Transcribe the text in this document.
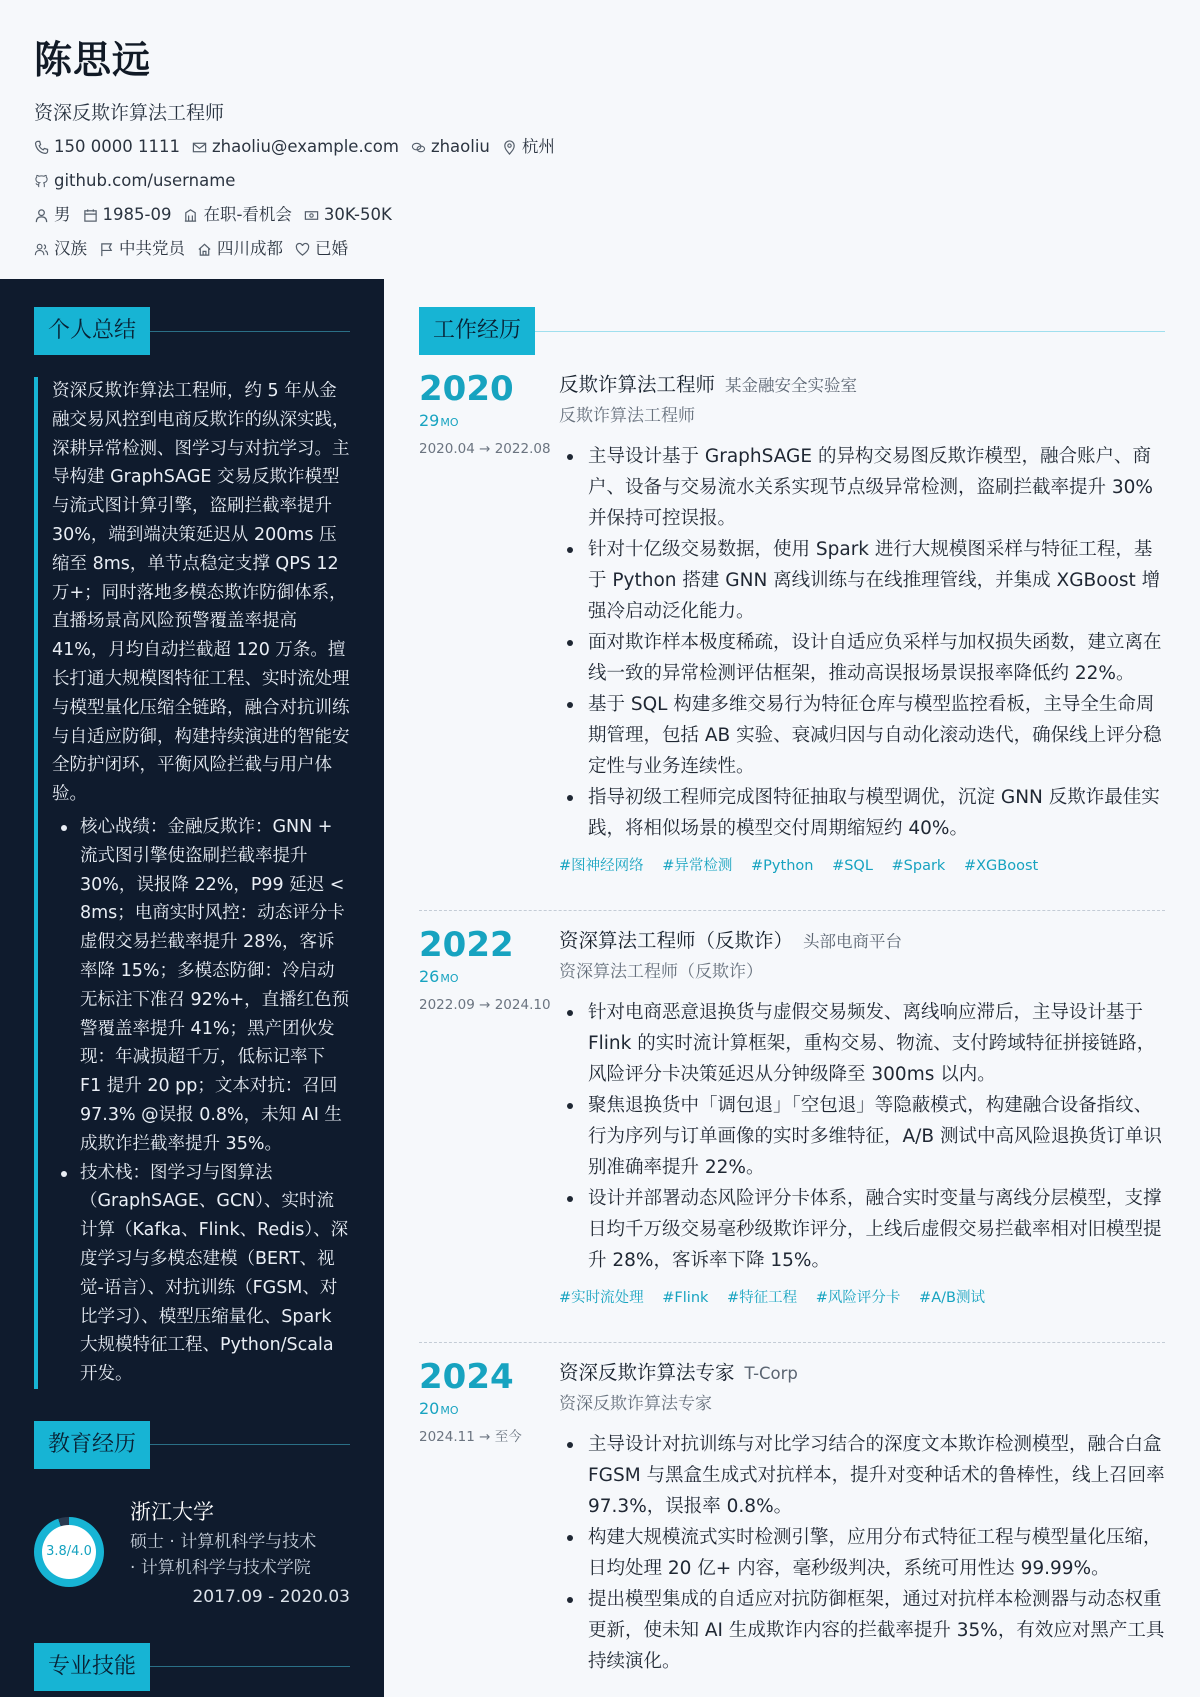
陈思远
资深反欺诈算法工程师
150 0000 1111 zhaoliu@example.com zhaoliu 杭州
github.com/username
男 1985-09 在职-看机会 30K-50K
汉族 中共党员 四川成都 已婚
个人总结

资深反欺诈算法工程师，约 5 年从金融交易风控到电商反欺诈的纵深实践，深耕异常检测、图学习与对抗学习。主导构建 GraphSAGE 交易反欺诈模型与流式图计算引擎，盗刷拦截率提升 30%，端到端决策延迟从 200ms 压缩至 8ms，单节点稳定支撑 QPS 12 万+；同时落地多模态欺诈防御体系，直播场景高风险预警覆盖率提高 41%，月均自动拦截超 120 万条。擅长打通大规模图特征工程、实时流处理与模型量化压缩全链路，融合对抗训练与自适应防御，构建持续演进的智能安全防护闭环，平衡风险拦截与用户体验。

核心战绩：金融反欺诈：GNN + 流式图引擎使盗刷拦截率提升 30%，误报降 22%，P99 延迟 < 8ms；电商实时风控：动态评分卡虚假交易拦截率提升 28%，客诉率降 15%；多模态防御：冷启动无标注下准召 92%+，直播红色预警覆盖率提升 41%；黑产团伙发现：年减损超千万，低标记率下 F1 提升 20 pp；文本对抗：召回 97.3% @误报 0.8%，未知 AI 生成欺诈拦截率提升 35%。
技术栈：图学习与图算法（GraphSAGE、GCN）、实时流计算（Kafka、Flink、Redis）、深度学习与多模态建模（BERT、视觉-语言）、对抗训练（FGSM、对比学习）、模型压缩量化、Spark 大规模特征工程、Python/Scala 开发。
教育经历
3.8/4.0
浙江大学
硕士 · 计算机科学与技术
· 计算机科学与技术学院
2017.09 - 2020.03
专业技能
工作经历
2020
29MO
2020.04 → 2022.08
反欺诈算法工程师 某金融安全实验室
反欺诈算法工程师
主导设计基于 GraphSAGE 的异构交易图反欺诈模型，融合账户、商户、设备与交易流水关系实现节点级异常检测，盗刷拦截率提升 30% 并保持可控误报。
针对十亿级交易数据，使用 Spark 进行大规模图采样与特征工程，基于 Python 搭建 GNN 离线训练与在线推理管线，并集成 XGBoost 增强冷启动泛化能力。
面对欺诈样本极度稀疏，设计自适应负采样与加权损失函数，建立离在线一致的异常检测评估框架，推动高误报场景误报率降低约 22%。
基于 SQL 构建多维交易行为特征仓库与模型监控看板，主导全生命周期管理，包括 AB 实验、衰减归因与自动化滚动迭代，确保线上评分稳定性与业务连续性。
指导初级工程师完成图特征抽取与模型调优，沉淀 GNN 反欺诈最佳实践，将相似场景的模型交付周期缩短约 40%。
#图神经网络 #异常检测 #Python #SQL #Spark #XGBoost
2022
26MO
2022.09 → 2024.10
资深算法工程师（反欺诈） 头部电商平台
资深算法工程师（反欺诈）
针对电商恶意退换货与虚假交易频发、离线响应滞后，主导设计基于 Flink 的实时流计算框架，重构交易、物流、支付跨域特征拼接链路，风险评分卡决策延迟从分钟级降至 300ms 以内。
聚焦退换货中「调包退」「空包退」等隐蔽模式，构建融合设备指纹、行为序列与订单画像的实时多维特征，A/B 测试中高风险退换货订单识别准确率提升 22%。
设计并部署动态风险评分卡体系，融合实时变量与离线分层模型，支撑日均千万级交易毫秒级欺诈评分，上线后虚假交易拦截率相对旧模型提升 28%，客诉率下降 15%。
#实时流处理 #Flink #特征工程 #风险评分卡 #A/B测试
2024
20MO
2024.11 → 至今
资深反欺诈算法专家 T-Corp
资深反欺诈算法专家
主导设计对抗训练与对比学习结合的深度文本欺诈检测模型，融合白盒 FGSM 与黑盒生成式对抗样本，提升对变种话术的鲁棒性，线上召回率 97.3%，误报率 0.8%。
构建大规模流式实时检测引擎，应用分布式特征工程与模型量化压缩，日均处理 20 亿+ 内容，毫秒级判决，系统可用性达 99.99%。
提出模型集成的自适应对抗防御框架，通过对抗样本检测器与动态权重更新，使未知 AI 生成欺诈内容的拦截率提升 35%，有效应对黑产工具持续演化。
